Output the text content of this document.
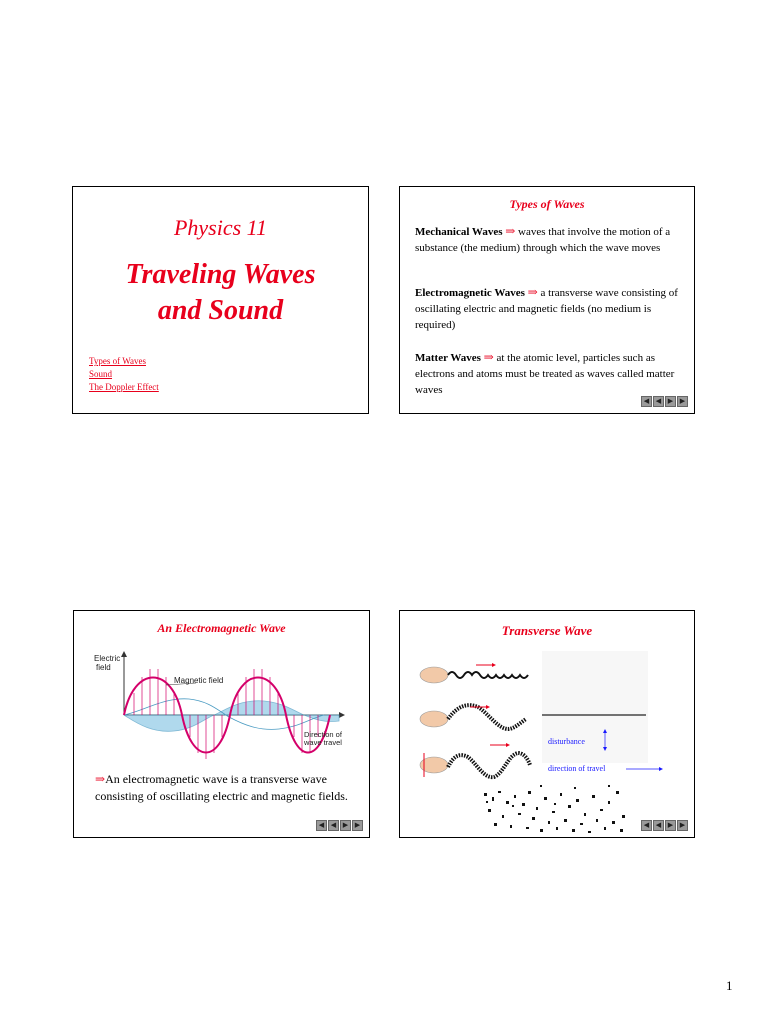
Physics 11
Traveling Waves
and Sound
Types of Waves
Sound
The Doppler Effect
Types of Waves
Mechanical Waves ⇒ waves that involve the motion of a substance (the medium) through which the wave moves
Electromagnetic Waves ⇒ a transverse wave consisting of oscillating electric and magnetic fields (no medium is required)
Matter Waves ⇒ at the atomic level, particles such as electrons and atoms must be treated as waves called matter waves
◀ ◀ ▶ ▶
An Electromagnetic Wave
Electric
field
Magnetic field
Direction of
wave travel
⇒An electromagnetic wave is a transverse wave consisting of oscillating electric and magnetic fields.
◀ ◀ ▶ ▶
Transverse Wave
disturbance
direction of travel
◀ ◀ ▶ ▶
1
